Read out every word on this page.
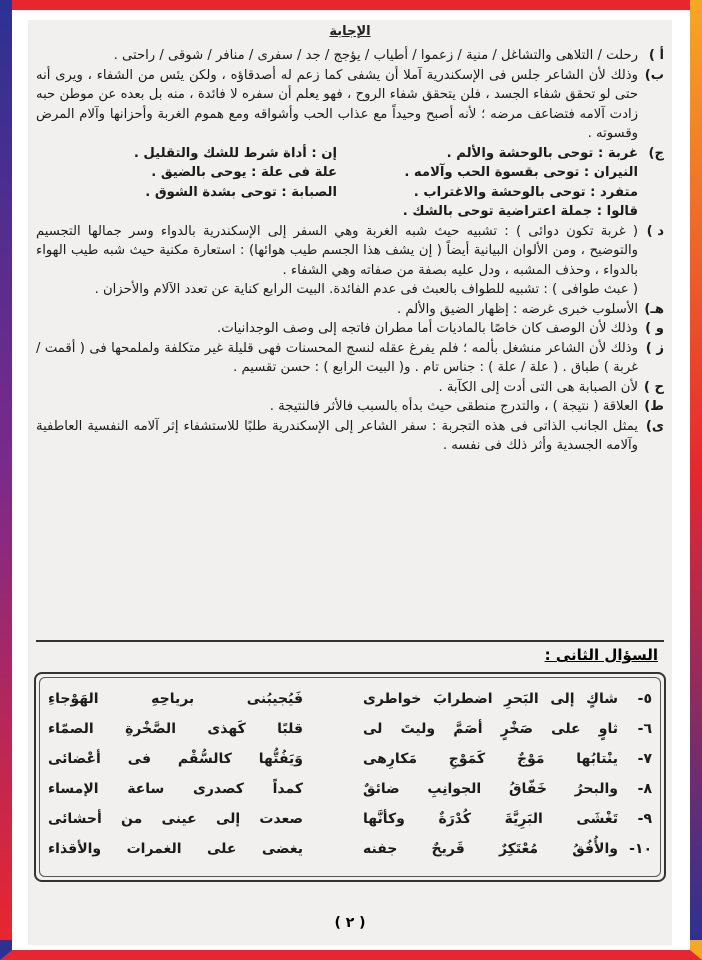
الإجابة
أ )
رحلت / التلاهى والتشاغل / منية / زعموا / أطياب / يؤجج / جد / سفرى / منافر / شوقى / راحتى .
ب)
وذلك لأن الشاعر جلس فى الإسكندرية آملا أن يشفى كما زعم له أصدقاؤه ، ولكن يئس من الشفاء ، ويرى أنه حتى لو تحقق شفاء الجسد ، فلن يتحقق شفاء الروح ، فهو يعلم أن سفره لا فائدة ، منه بل بعده عن موطن حبه زادت آلامه فتضاعف مرضه ؛ لأنه أصبح وحيداً مع عذاب الحب وأشواقه ومع هموم الغربة وأحزانها وآلام المرض وقسوته .
ج)
غربة : توحى بالوحشة والألم .
إن : أداة شرط للشك والتقليل .
النيران : توحى بقسوة الحب وآلامه .
علة فى علة : يوحى بالضيق .
متفرد : توحى بالوحشة والاغتراب .
الصبابة : توحى بشدة الشوق .
قالوا : جملة اعتراضية توحى بالشك .
د )
( غربة تكون دوائى ) : تشبيه حيث شبه الغربة وهي السفر إلى الإسكندرية بالدواء وسر جمالها التجسيم والتوضيح ، ومن الألوان البيانية أيضاً ( إن يشف هذا الجسم طيب هوائها) : استعارة مكنية حيث شبه طيب الهواء بالدواء ، وحذف المشبه ، ودل عليه بصفة من صفاته وهي الشفاء .
( عبث طوافى ) : تشبيه للطواف بالعبث فى عدم الفائدة. البيت الرابع كناية عن تعدد الآلام والأحزان .
هـ)
الأسلوب خبرى غرضه : إظهار الضيق والألم .
و )
وذلك لأن الوصف كان خاصًا بالماديات أما مطران فاتجه إلى وصف الوجدانيات.
ز )
وذلك لأن الشاعر منشغل بألمه ؛ فلم يفرغ عقله لنسج المحسنات فهى قليلة غير متكلفة ولملمحها فى ( أقمت / غربة ) طباق . ( علة / علة ) : جناس تام . و( البيت الرابع ) : حسن تقسيم .
ح )
لأن الصبابة هى التى أدت إلى الكآبة .
ط)
العلاقة ( نتيجة ) ، والتدرج منطقى حيث بدأه بالسبب فالأثر فالنتيجة .
ى)
يمثل الجانب الذاتى فى هذه التجربة : سفر الشاعر إلى الإسكندرية طلبًا للاستشفاء إثر آلامه النفسية العاطفية وآلامه الجسدية وأثر ذلك فى نفسه .
السؤال الثانى :
٥-
شاكٍ إلى البَحرِ اضطرابَ خواطرى
فَيُجيبُنى برياحِهِ الهَوْجاءِ
٦-
ثاوٍ على صَخْرٍ أصَمَّ وليتَ لى
قلبًا كَهذى الصَّخْرةِ الصمّاء
٧-
ينْتابُها مَوْجٌ كَمَوْجِ مَكارِهى
وَيَفُتُّها كالسُّقْم فى أعْضائى
٨-
والبحرُ خَفّاقُ الجوانِبِ ضائقٌ
كمداً كصدرى ساعة الإمساء
٩-
تَغْشَى البَرِيَّةَ كُدْرَةٌ وكأنَّها
صعدت إلى عينى من أحشائى
١٠-
والأُفُقُ مُعْتَكِرٌ قَريحٌ جفنه
يغضى على الغمرات والأقذاء
( ٢ )
